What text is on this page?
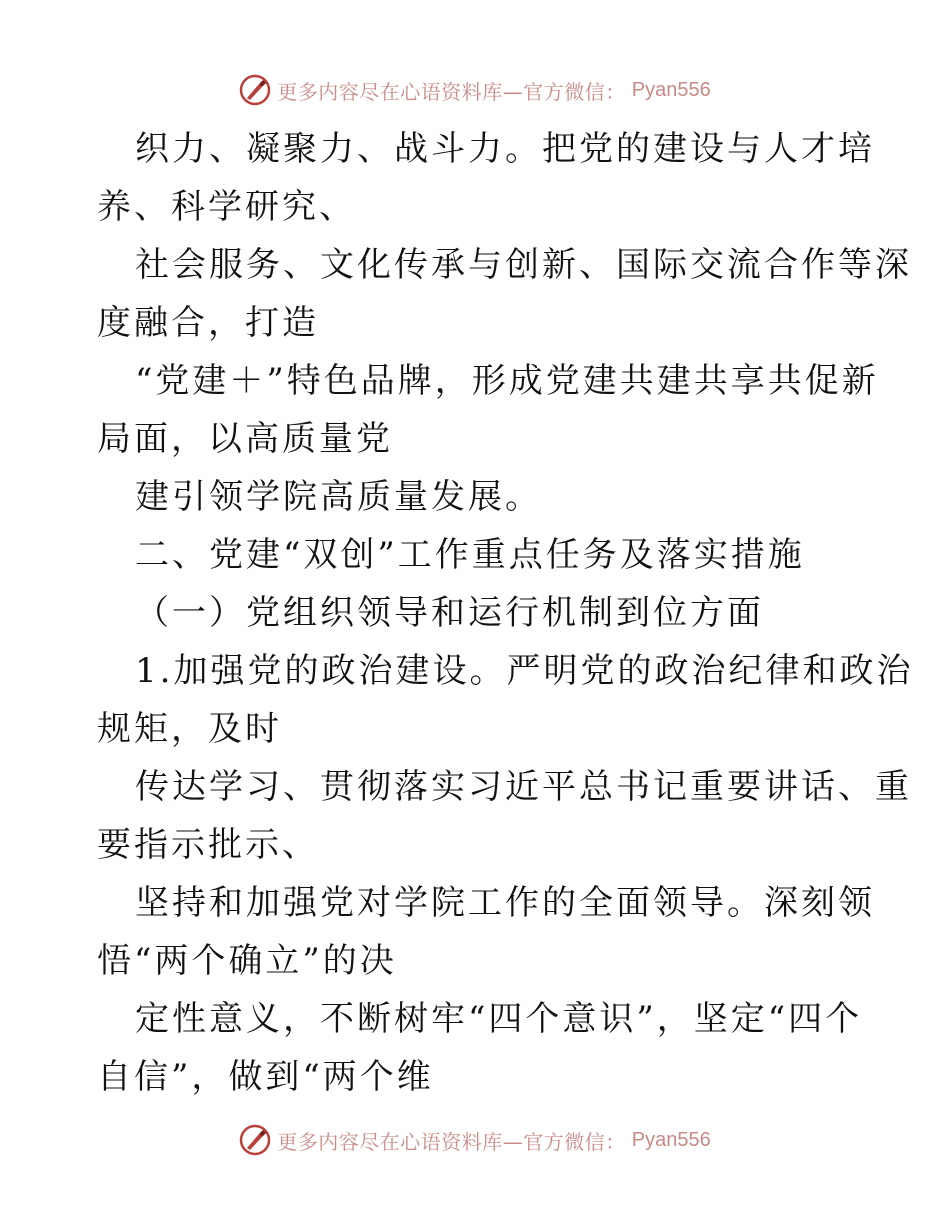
更多内容尽在心语资料库—官方微信： Pyan556
织力、凝聚力、战斗力。把党的建设与人才培
养、科学研究、
社会服务、文化传承与创新、国际交流合作等深
度融合，打造
“党建＋”特色品牌，形成党建共建共享共促新
局面，以高质量党
建引领学院高质量发展。
二、党建“双创”工作重点任务及落实措施
（一）党组织领导和运行机制到位方面
1.加强党的政治建设。严明党的政治纪律和政治
规矩，及时
传达学习、贯彻落实习近平总书记重要讲话、重
要指示批示、
坚持和加强党对学院工作的全面领导。深刻领
悟“两个确立”的决
定性意义，不断树牢“四个意识”，坚定“四个
自信”，做到“两个维
更多内容尽在心语资料库—官方微信： Pyan556
